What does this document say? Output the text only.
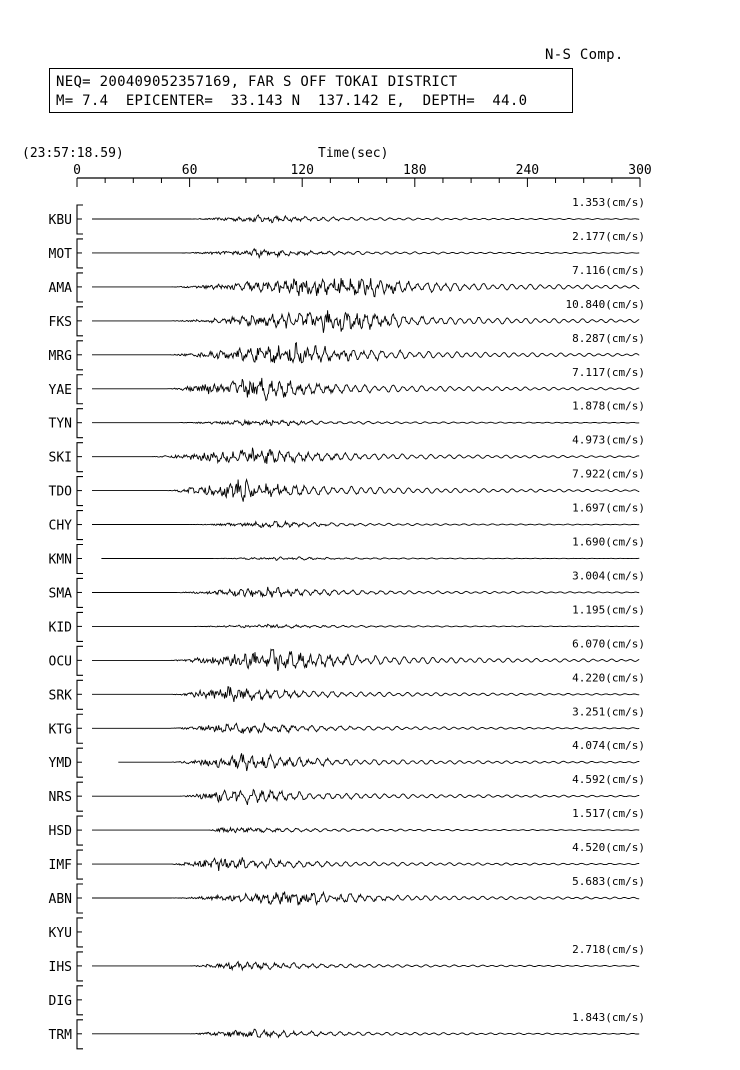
N-S Comp.
NEQ= 200409052357169, FAR S OFF TOKAI DISTRICT
M= 7.4  EPICENTER=  33.143 N  137.142 E,  DEPTH=  44.0
(23:57:18.59)	Time(sec)
0	60	120	180	240	300
KBU
1.353(cm/s)
MOT
2.177(cm/s)
AMA
7.116(cm/s)
FKS
10.840(cm/s)
MRG
8.287(cm/s)
YAE
7.117(cm/s)
TYN
1.878(cm/s)
SKI
4.973(cm/s)
TDO
7.922(cm/s)
CHY
1.697(cm/s)
KMN
1.690(cm/s)
SMA
3.004(cm/s)
KID
1.195(cm/s)
OCU
6.070(cm/s)
SRK
4.220(cm/s)
KTG
3.251(cm/s)
YMD
4.074(cm/s)
NRS
4.592(cm/s)
HSD
1.517(cm/s)
IMF
4.520(cm/s)
ABN
5.683(cm/s)
KYU
IHS
2.718(cm/s)
DIG
TRM
1.843(cm/s)
